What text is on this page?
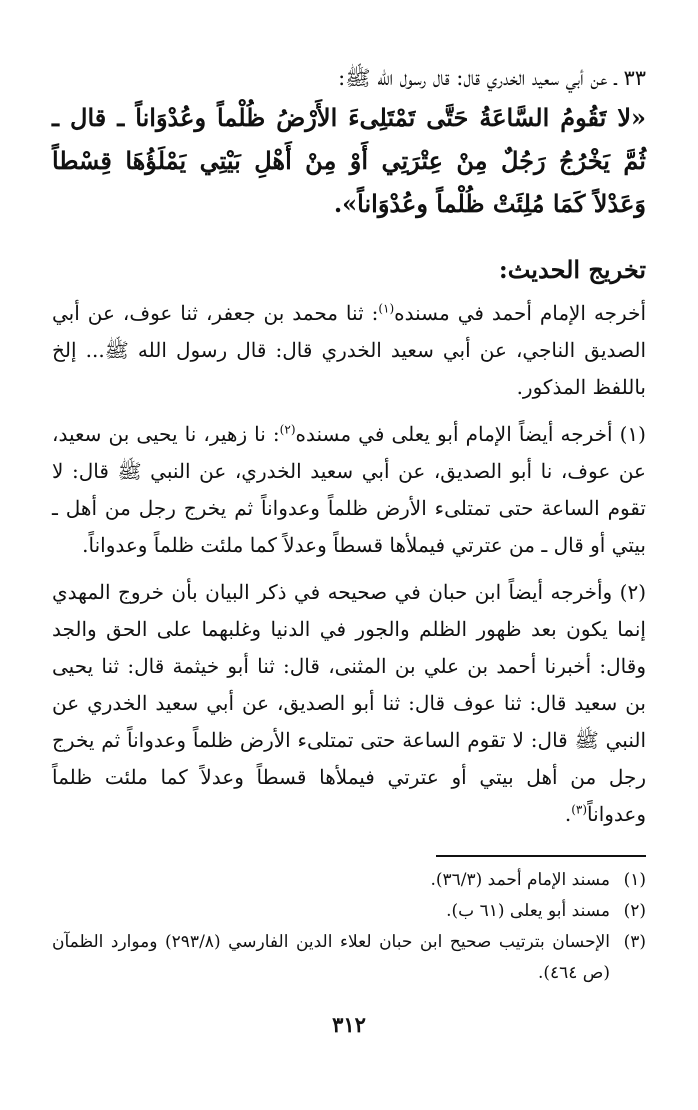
٣٣ ـ عن أبي سعيد الخدري قال: قال رسول الله ﷺ:
«لا تَقُومُ السَّاعَةُ حَتَّى تَمْتَلِىءَ الأَرْضُ ظُلْماً وعُدْوَاناً ـ قال ـ ثُمَّ يَخْرُجُ رَجُلٌ مِنْ عِتْرَتِي أَوْ مِنْ أَهْلِ بَيْتِي يَمْلَؤُهَا قِسْطاً وَعَدْلاً كَمَا مُلِئَتْ ظُلْماً وعُدْوَاناً».
تخريج الحديث:
أخرجه الإمام أحمد في مسنده$^{(١)}$: ثنا محمد بن جعفر، ثنا عوف، عن أبي الصديق الناجي، عن أبي سعيد الخدري قال: قال رسول الله ﷺ... إلخ باللفظ المذكور.
(١) أخرجه أيضاً الإمام أبو يعلى في مسنده$^{(٢)}$: نا زهير، نا يحيى بن سعيد، عن عوف، نا أبو الصديق، عن أبي سعيد الخدري، عن النبي ﷺ قال: لا تقوم الساعة حتى تمتلىء الأرض ظلماً وعدواناً ثم يخرج رجل من أهل ـ بيتي أو قال ـ من عترتي فيملأها قسطاً وعدلاً كما ملئت ظلماً وعدواناً.
(٢) وأخرجه أيضاً ابن حبان في صحيحه في ذكر البيان بأن خروج المهدي إنما يكون بعد ظهور الظلم والجور في الدنيا وغلبهما على الحق والجد وقال: أخبرنا أحمد بن علي بن المثنى، قال: ثنا أبو خيثمة قال: ثنا يحيى بن سعيد قال: ثنا عوف قال: ثنا أبو الصديق، عن أبي سعيد الخدري عن النبي ﷺ قال: لا تقوم الساعة حتى تمتلىء الأرض ظلماً وعدواناً ثم يخرج رجل من أهل بيتي أو عترتي فيملأها قسطاً وعدلاً كما ملئت ظلماً وعدواناً$^{(٣)}$.
(١)
مسند الإمام أحمد (٣٦/٣).
(٢)
مسند أبو يعلى (٦١ ب).
(٣)
الإحسان بترتيب صحيح ابن حبان لعلاء الدين الفارسي (٢٩٣/٨) وموارد الظمآن (ص ٤٦٤).
٣١٢
